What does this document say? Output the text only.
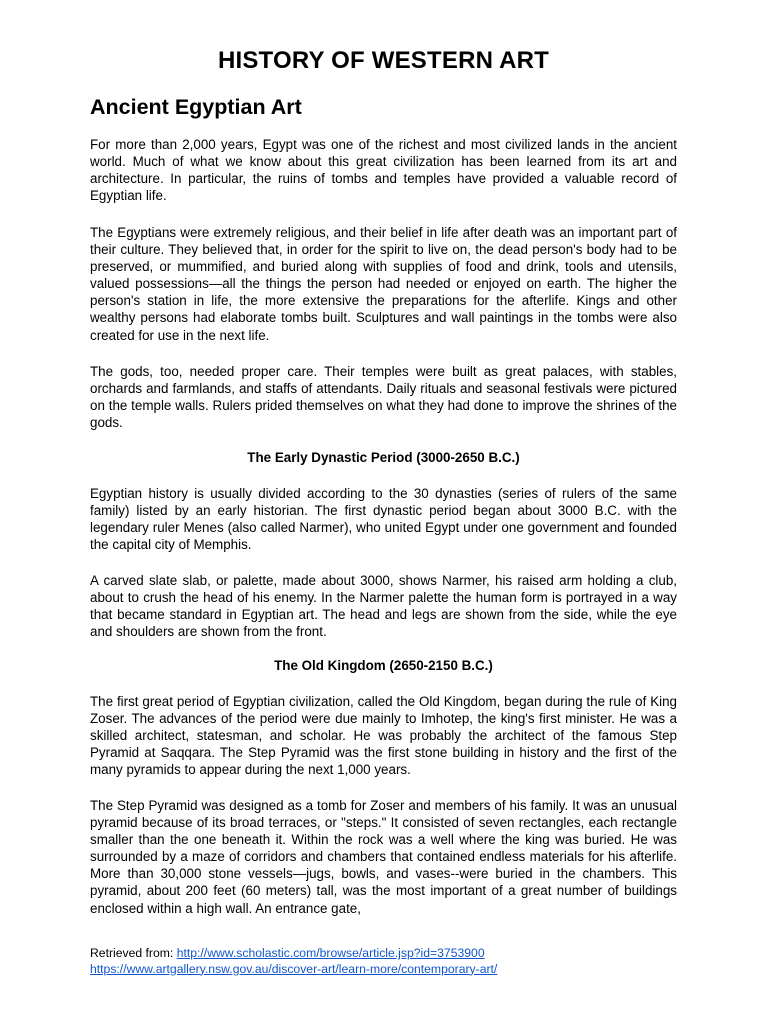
HISTORY OF WESTERN ART
Ancient Egyptian Art

For more than 2,000 years, Egypt was one of the richest and most civilized lands in the ancient world. Much of what we know about this great civilization has been learned from its art and architecture. In particular, the ruins of tombs and temples have provided a valuable record of Egyptian life.

The Egyptians were extremely religious, and their belief in life after death was an important part of their culture. They believed that, in order for the spirit to live on, the dead person's body had to be preserved, or mummified, and buried along with supplies of food and drink, tools and utensils, valued possessions—all the things the person had needed or enjoyed on earth. The higher the person's station in life, the more extensive the preparations for the afterlife. Kings and other wealthy persons had elaborate tombs built. Sculptures and wall paintings in the tombs were also created for use in the next life.

The gods, too, needed proper care. Their temples were built as great palaces, with stables, orchards and farmlands, and staffs of attendants. Daily rituals and seasonal festivals were pictured on the temple walls. Rulers prided themselves on what they had done to improve the shrines of the gods.

The Early Dynastic Period (3000-2650 B.C.)

Egyptian history is usually divided according to the 30 dynasties (series of rulers of the same family) listed by an early historian. The first dynastic period began about 3000 B.C. with the legendary ruler Menes (also called Narmer), who united Egypt under one government and founded the capital city of Memphis.

A carved slate slab, or palette, made about 3000, shows Narmer, his raised arm holding a club, about to crush the head of his enemy. In the Narmer palette the human form is portrayed in a way that became standard in Egyptian art. The head and legs are shown from the side, while the eye and shoulders are shown from the front.

The Old Kingdom (2650-2150 B.C.)

The first great period of Egyptian civilization, called the Old Kingdom, began during the rule of King Zoser. The advances of the period were due mainly to Imhotep, the king's first minister. He was a skilled architect, statesman, and scholar. He was probably the architect of the famous Step Pyramid at Saqqara. The Step Pyramid was the first stone building in history and the first of the many pyramids to appear during the next 1,000 years.

The Step Pyramid was designed as a tomb for Zoser and members of his family. It was an unusual pyramid because of its broad terraces, or "steps." It consisted of seven rectangles, each rectangle smaller than the one beneath it. Within the rock was a well where the king was buried. He was surrounded by a maze of corridors and chambers that contained endless materials for his afterlife. More than 30,000 stone vessels—jugs, bowls, and vases--were buried in the chambers. This pyramid, about 200 feet (60 meters) tall, was the most important of a great number of buildings enclosed within a high wall. An entrance gate,

Retrieved from: http://www.scholastic.com/browse/article.jsp?id=3753900
https://www.artgallery.nsw.gov.au/discover-art/learn-more/contemporary-art/
